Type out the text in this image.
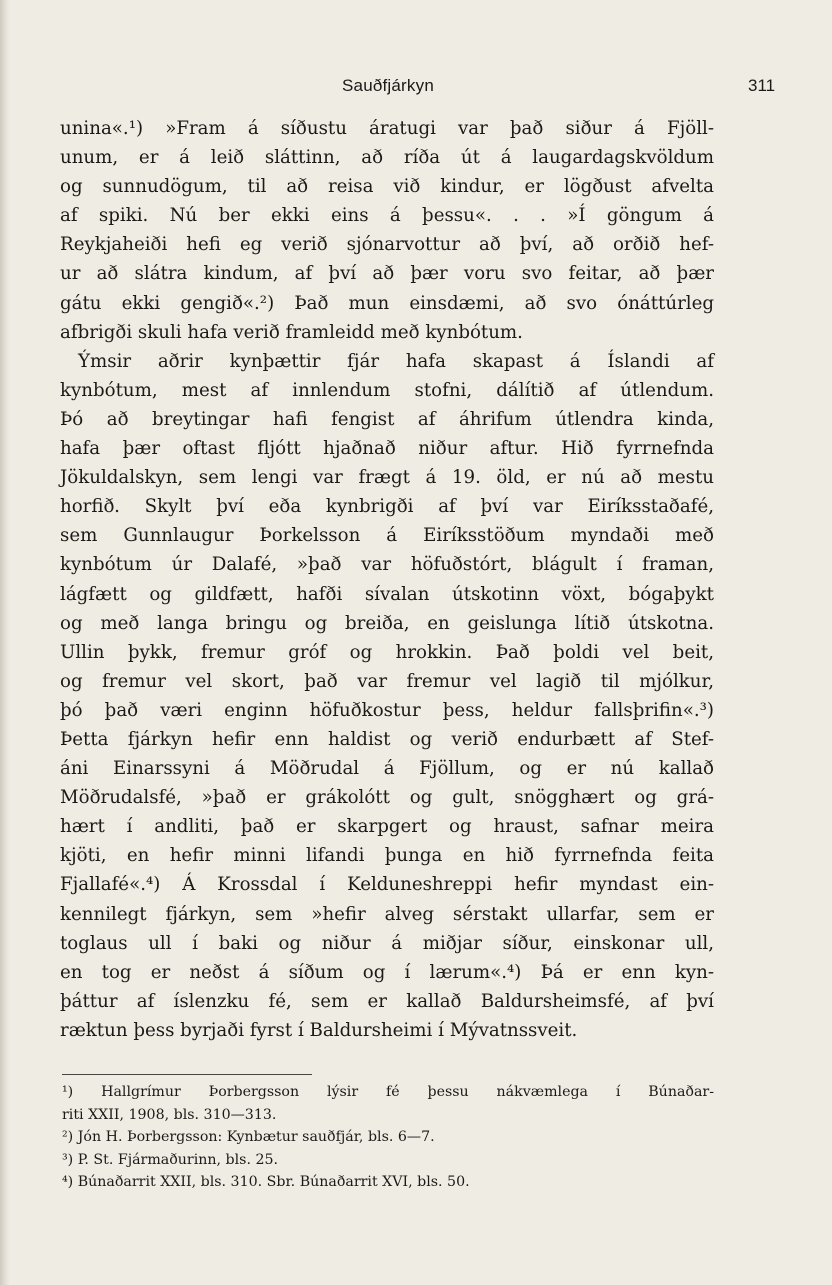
Sauðfjárkyn	311
unina«.¹) »Fram á síðustu áratugi var það siður á Fjöll-
unum, er á leið sláttinn, að ríða út á laugardagskvöldum
og sunnudögum, til að reisa við kindur, er lögðust afvelta
af spiki. Nú ber ekki eins á þessu«. . . »Í göngum á
Reykjaheiði hefi eg verið sjónarvottur að því, að orðið hef-
ur að slátra kindum, af því að þær voru svo feitar, að þær
gátu ekki gengið«.²) Það mun einsdæmi, að svo ónáttúrleg
afbrigði skuli hafa verið framleidd með kynbótum.
Ýmsir aðrir kynþættir fjár hafa skapast á Íslandi af
kynbótum, mest af innlendum stofni, dálítið af útlendum.
Þó að breytingar hafi fengist af áhrifum útlendra kinda,
hafa þær oftast fljótt hjaðnað niður aftur. Hið fyrrnefnda
Jökuldalskyn, sem lengi var frægt á 19. öld, er nú að mestu
horfið. Skylt því eða kynbrigði af því var Eiríksstaðafé,
sem Gunnlaugur Þorkelsson á Eiríksstöðum myndaði með
kynbótum úr Dalafé, »það var höfuðstórt, blágult í framan,
lágfætt og gildfætt, hafði sívalan útskotinn vöxt, bógaþykt
og með langa bringu og breiða, en geislunga lítið útskotna.
Ullin þykk, fremur gróf og hrokkin. Það þoldi vel beit,
og fremur vel skort, það var fremur vel lagið til mjólkur,
þó það væri enginn höfuðkostur þess, heldur fallsþrifin«.³)
Þetta fjárkyn hefir enn haldist og verið endurbætt af Stef-
áni Einarssyni á Möðrudal á Fjöllum, og er nú kallað
Möðrudalsfé, »það er grákolótt og gult, snögghært og grá-
hært í andliti, það er skarpgert og hraust, safnar meira
kjöti, en hefir minni lifandi þunga en hið fyrrnefnda feita
Fjallafé«.⁴) Á Krossdal í Kelduneshreppi hefir myndast ein-
kennilegt fjárkyn, sem »hefir alveg sérstakt ullarfar, sem er
toglaus ull í baki og niður á miðjar síður, einskonar ull,
en tog er neðst á síðum og í lærum«.⁴) Þá er enn kyn-
þáttur af íslenzku fé, sem er kallað Baldursheimsfé, af því
ræktun þess byrjaði fyrst í Baldursheimi í Mývatnssveit.
¹) Hallgrímur Þorbergsson lýsir fé þessu nákvæmlega í Búnaðar-
riti XXII, 1908, bls. 310—313.
²) Jón H. Þorbergsson: Kynbætur sauðfjár, bls. 6—7.
³) P. St. Fjármaðurinn, bls. 25.
⁴) Búnaðarrit XXII, bls. 310. Sbr. Búnaðarrit XVI, bls. 50.
